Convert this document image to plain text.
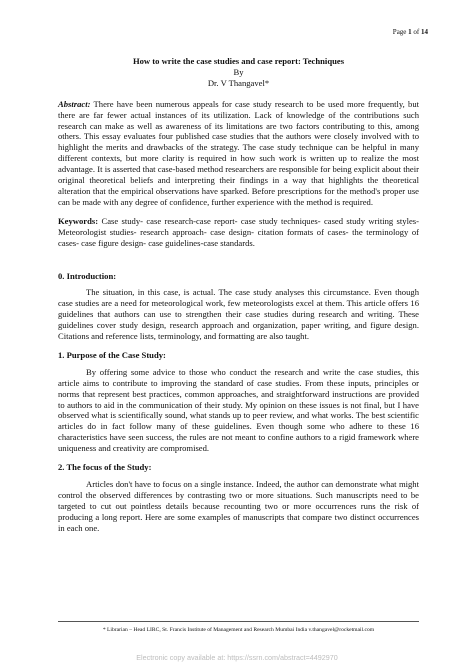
Page 1 of 14
How to write the case studies and case report: Techniques
By
Dr. V Thangavel*

Abstract: There have been numerous appeals for case study research to be used more frequently, but there are far fewer actual instances of its utilization. Lack of knowledge of the contributions such research can make as well as awareness of its limitations are two factors contributing to this, among others. This essay evaluates four published case studies that the authors were closely involved with to highlight the merits and drawbacks of the strategy. The case study technique can be helpful in many different contexts, but more clarity is required in how such work is written up to realize the most advantage. It is asserted that case-based method researchers are responsible for being explicit about their original theoretical beliefs and interpreting their findings in a way that highlights the theoretical alteration that the empirical observations have sparked. Before prescriptions for the method's proper use can be made with any degree of confidence, further experience with the method is required.

Keywords: Case study- case research-case report- case study techniques- cased study writing styles- Meteorologist studies- research approach- case design- citation formats of cases- the terminology of cases- case figure design- case guidelines-case standards.

0. Introduction:

The situation, in this case, is actual. The case study analyses this circumstance. Even though case studies are a need for meteorological work, few meteorologists excel at them. This article offers 16 guidelines that authors can use to strengthen their case studies during research and writing. These guidelines cover study design, research approach and organization, paper writing, and figure design. Citations and reference lists, terminology, and formatting are also taught.

1. Purpose of the Case Study:

By offering some advice to those who conduct the research and write the case studies, this article aims to contribute to improving the standard of case studies. From these inputs, principles or norms that represent best practices, common approaches, and straightforward instructions are provided to authors to aid in the communication of their study. My opinion on these issues is not final, but I have observed what is scientifically sound, what stands up to peer review, and what works. The best scientific articles do in fact follow many of these guidelines. Even though some who adhere to these 16 characteristics have seen success, the rules are not meant to confine authors to a rigid framework where uniqueness and creativity are compromised.

2. The focus of the Study:

Articles don't have to focus on a single instance. Indeed, the author can demonstrate what might control the observed differences by contrasting two or more situations. Such manuscripts need to be targeted to cut out pointless details because recounting two or more occurrences runs the risk of producing a long report. Here are some examples of manuscripts that compare two distinct occurrences in each one.

* Librarian – Head LIRC, St. Francis Institute of Management and Research Mumbai India v.thangavel@rocketmail.com
Electronic copy available at: https://ssrn.com/abstract=4492970
